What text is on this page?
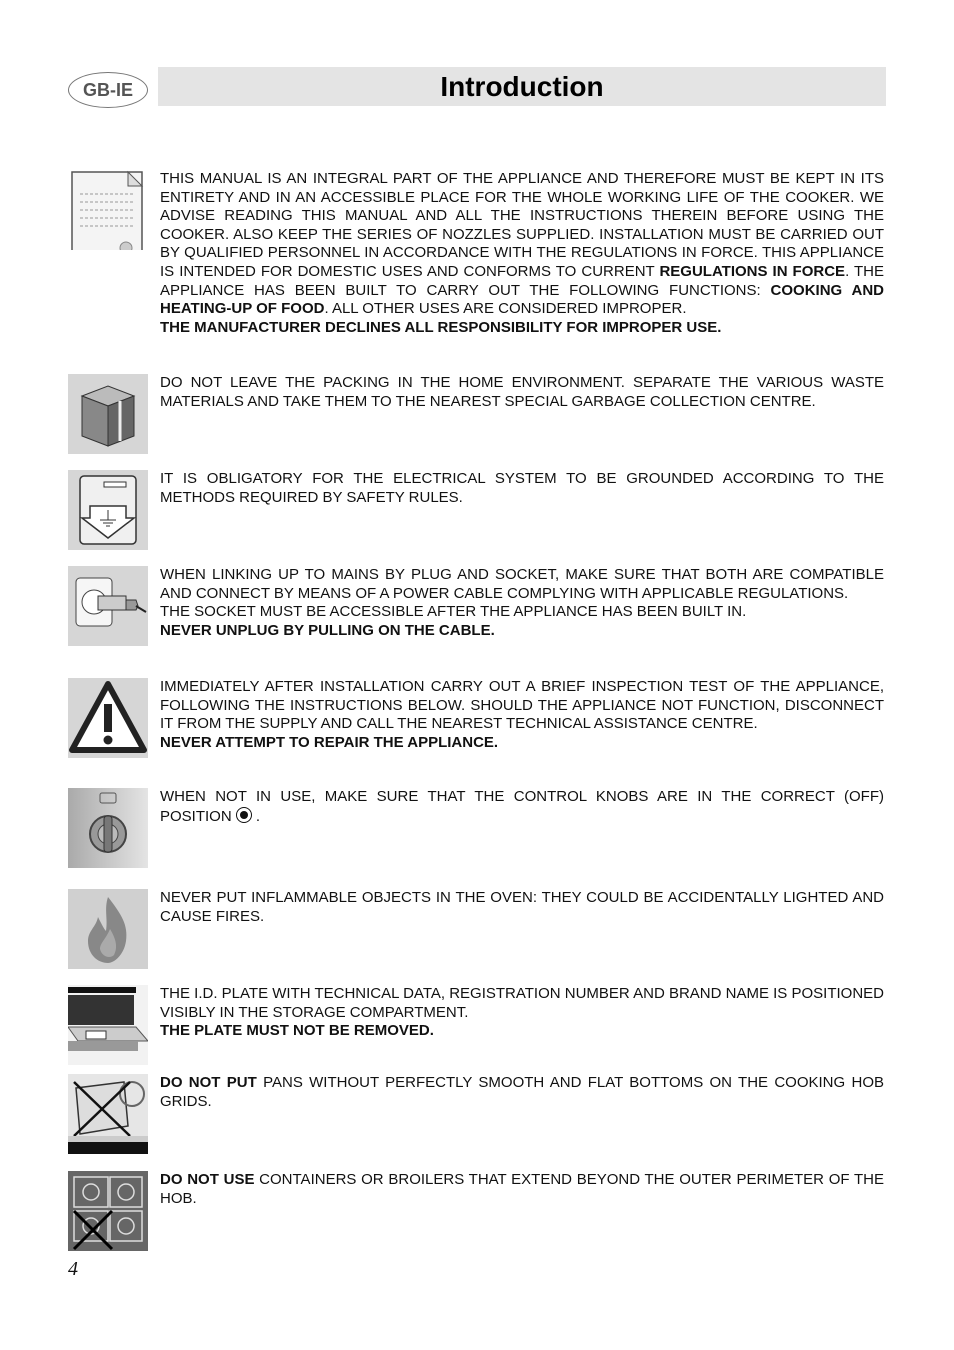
GB-IE	Introduction

THIS MANUAL IS AN INTEGRAL PART OF THE APPLIANCE AND THEREFORE MUST BE KEPT IN ITS ENTIRETY AND IN AN ACCESSIBLE PLACE FOR THE WHOLE WORKING LIFE OF THE COOKER. WE ADVISE READING THIS MANUAL AND ALL THE INSTRUCTIONS THEREIN BEFORE USING THE COOKER. ALSO KEEP THE SERIES OF NOZZLES SUPPLIED. INSTALLATION MUST BE CARRIED OUT BY QUALIFIED PERSONNEL IN ACCORDANCE WITH THE REGULATIONS IN FORCE. THIS APPLIANCE IS INTENDED FOR DOMESTIC USES AND CONFORMS TO CURRENT REGULATIONS IN FORCE. THE APPLIANCE HAS BEEN BUILT TO CARRY OUT THE FOLLOWING FUNCTIONS: COOKING AND HEATING-UP OF FOOD. ALL OTHER USES ARE CONSIDERED IMPROPER.

THE MANUFACTURER DECLINES ALL RESPONSIBILITY FOR IMPROPER USE.

DO NOT LEAVE THE PACKING IN THE HOME ENVIRONMENT. SEPARATE THE VARIOUS WASTE MATERIALS AND TAKE THEM TO THE NEAREST SPECIAL GARBAGE COLLECTION CENTRE.

IT IS OBLIGATORY FOR THE ELECTRICAL SYSTEM TO BE GROUNDED ACCORDING TO THE METHODS REQUIRED BY SAFETY RULES.

WHEN LINKING UP TO MAINS BY PLUG AND SOCKET, MAKE SURE THAT BOTH ARE COMPATIBLE AND CONNECT BY MEANS OF A POWER CABLE COMPLYING WITH APPLICABLE REGULATIONS.

THE SOCKET MUST BE ACCESSIBLE AFTER THE APPLIANCE HAS BEEN BUILT IN.

NEVER UNPLUG BY PULLING ON THE CABLE.

IMMEDIATELY AFTER INSTALLATION CARRY OUT A BRIEF INSPECTION TEST OF THE APPLIANCE, FOLLOWING THE INSTRUCTIONS BELOW. SHOULD THE APPLIANCE NOT FUNCTION, DISCONNECT IT FROM THE SUPPLY AND CALL THE NEAREST TECHNICAL ASSISTANCE CENTRE.

NEVER ATTEMPT TO REPAIR THE APPLIANCE.

WHEN NOT IN USE, MAKE SURE THAT THE CONTROL KNOBS ARE IN THE CORRECT (OFF) POSITION .

NEVER PUT INFLAMMABLE OBJECTS IN THE OVEN: THEY COULD BE ACCIDENTALLY LIGHTED AND CAUSE FIRES.

THE I.D. PLATE WITH TECHNICAL DATA, REGISTRATION NUMBER AND BRAND NAME IS POSITIONED VISIBLY IN THE STORAGE COMPARTMENT.

THE PLATE MUST NOT BE REMOVED.

DO NOT PUT PANS WITHOUT PERFECTLY SMOOTH AND FLAT BOTTOMS ON THE COOKING HOB GRIDS.

DO NOT USE CONTAINERS OR BROILERS THAT EXTEND BEYOND THE OUTER PERIMETER OF THE HOB.

4
